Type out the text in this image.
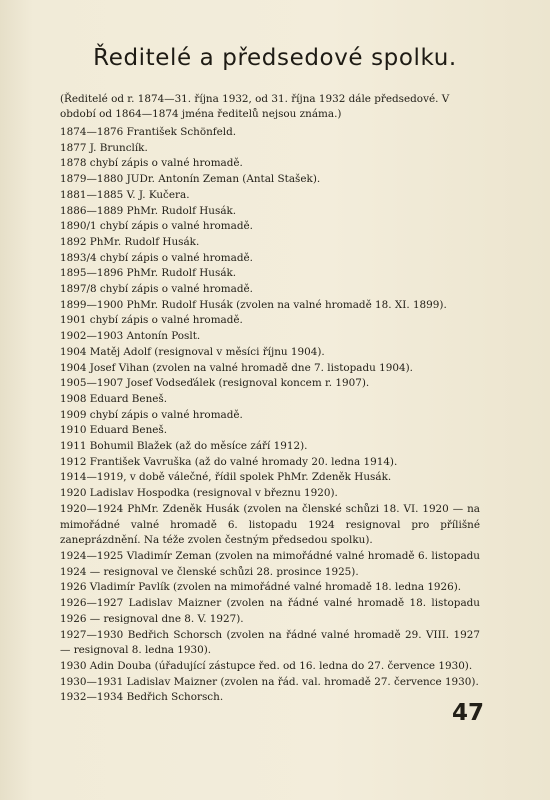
Ředitelé a předsedové spolku.
(Ředitelé od r. 1874—31. října 1932, od 31. října 1932 dále předsedové. V období od 1864—1874 jména ředitelů nejsou známa.)
1874—1876 František Schönfeld.
1877 J. Brunclík.
1878 chybí zápis o valné hromadě.
1879—1880 JUDr. Antonín Zeman (Antal Stašek).
1881—1885 V. J. Kučera.
1886—1889 PhMr. Rudolf Husák.
1890/1 chybí zápis o valné hromadě.
1892 PhMr. Rudolf Husák.
1893/4 chybí zápis o valné hromadě.
1895—1896 PhMr. Rudolf Husák.
1897/8 chybí zápis o valné hromadě.
1899—1900 PhMr. Rudolf Husák (zvolen na valné hromadě 18. XI. 1899).
1901 chybí zápis o valné hromadě.
1902—1903 Antonín Poslt.
1904 Matěj Adolf (resignoval v měsíci říjnu 1904).
1904 Josef Vihan (zvolen na valné hromadě dne 7. listopadu 1904).
1905—1907 Josef Vodseďálek (resignoval koncem r. 1907).
1908 Eduard Beneš.
1909 chybí zápis o valné hromadě.
1910 Eduard Beneš.
1911 Bohumil Blažek (až do měsíce září 1912).
1912 František Vavruška (až do valné hromady 20. ledna 1914).
1914—1919, v době válečné, řídil spolek PhMr. Zdeněk Husák.
1920 Ladislav Hospodka (resignoval v březnu 1920).
1920—1924 PhMr. Zdeněk Husák (zvolen na členské schůzi 18. VI. 1920 — na mimořádné valné hromadě 6. listopadu 1924 resignoval pro přílišné zaneprázdnění. Na téže zvolen čestným předsedou spolku).
1924—1925 Vladimír Zeman (zvolen na mimořádné valné hromadě 6. listopadu 1924 — resignoval ve členské schůzi 28. prosince 1925).
1926 Vladimír Pavlík (zvolen na mimořádné valné hromadě 18. ledna 1926).
1926—1927 Ladislav Maizner (zvolen na řádné valné hromadě 18. listopadu 1926 — resignoval dne 8. V. 1927).
1927—1930 Bedřich Schorsch (zvolen na řádné valné hromadě 29. VIII. 1927 — resignoval 8. ledna 1930).
1930 Adin Douba (úřadující zástupce řed. od 16. ledna do 27. července 1930).
1930—1931 Ladislav Maizner (zvolen na řád. val. hromadě 27. července 1930).
1932—1934 Bedřich Schorsch.
47
